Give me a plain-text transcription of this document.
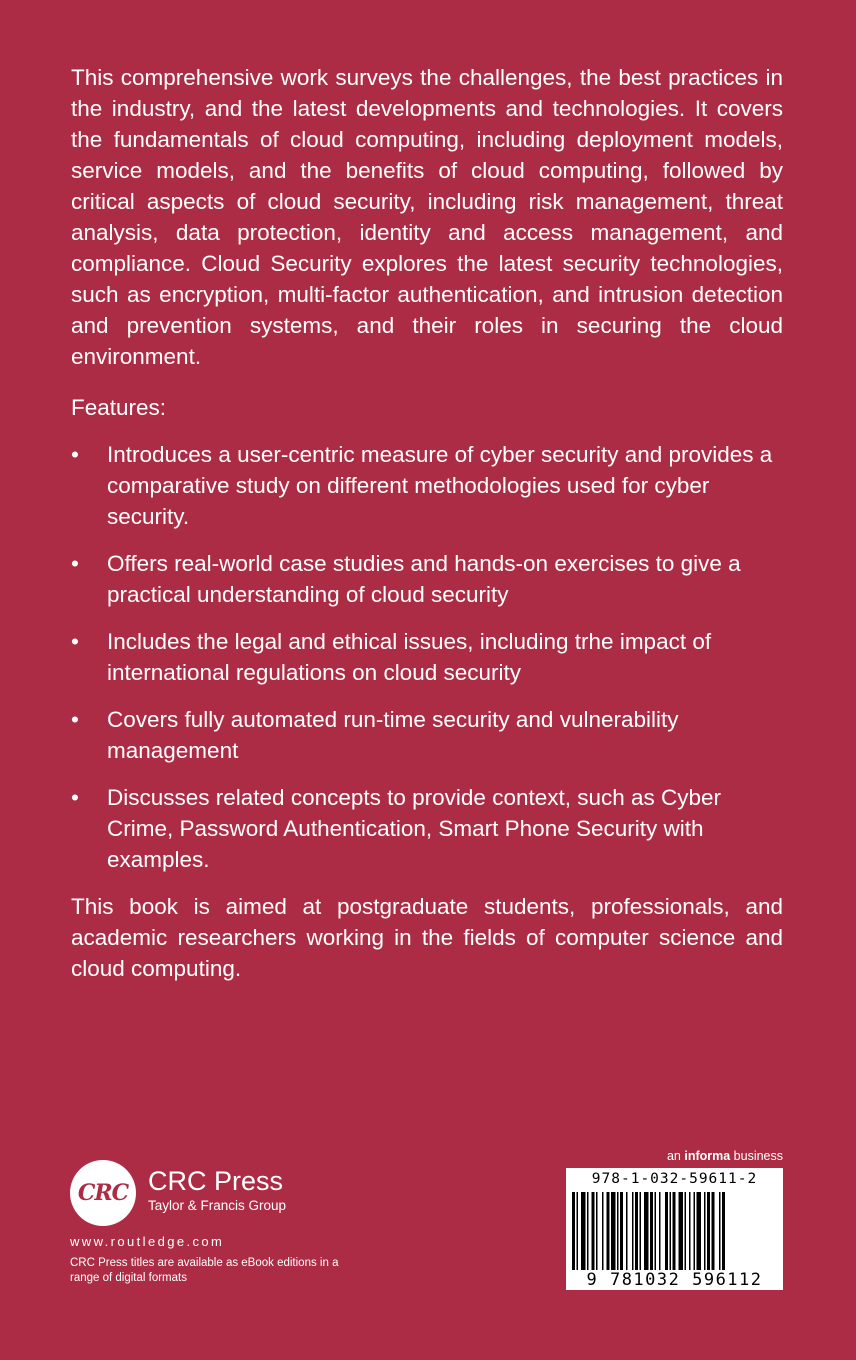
This comprehensive work surveys the challenges, the best practices in the industry, and the latest developments and technologies. It covers the fundamentals of cloud computing, including deployment models, service models, and the benefits of cloud computing, followed by critical aspects of cloud security, including risk management, threat analysis, data protection, identity and access management, and compliance. Cloud Security explores the latest security technologies, such as encryption, multi-factor authentication, and intrusion detection and prevention systems, and their roles in securing the cloud environment.

Features:

• Introduces a user-centric measure of cyber security and provides a comparative study on different methodologies used for cyber security.
• Offers real-world case studies and hands-on exercises to give a practical understanding of cloud security
• Includes the legal and ethical issues, including trhe impact of international regulations on cloud security
• Covers fully automated run-time security and vulnerability management
• Discusses related concepts to provide context, such as Cyber Crime, Password Authentication, Smart Phone Security with examples.

This book is aimed at postgraduate students, professionals, and academic researchers working in the fields of computer science and cloud computing.

CRC CRC Press
Taylor & Francis Group
www.routledge.com
CRC Press titles are available as eBook editions in a range of digital formats
an informa business
978-1-032-59611-2
9 781032 596112
